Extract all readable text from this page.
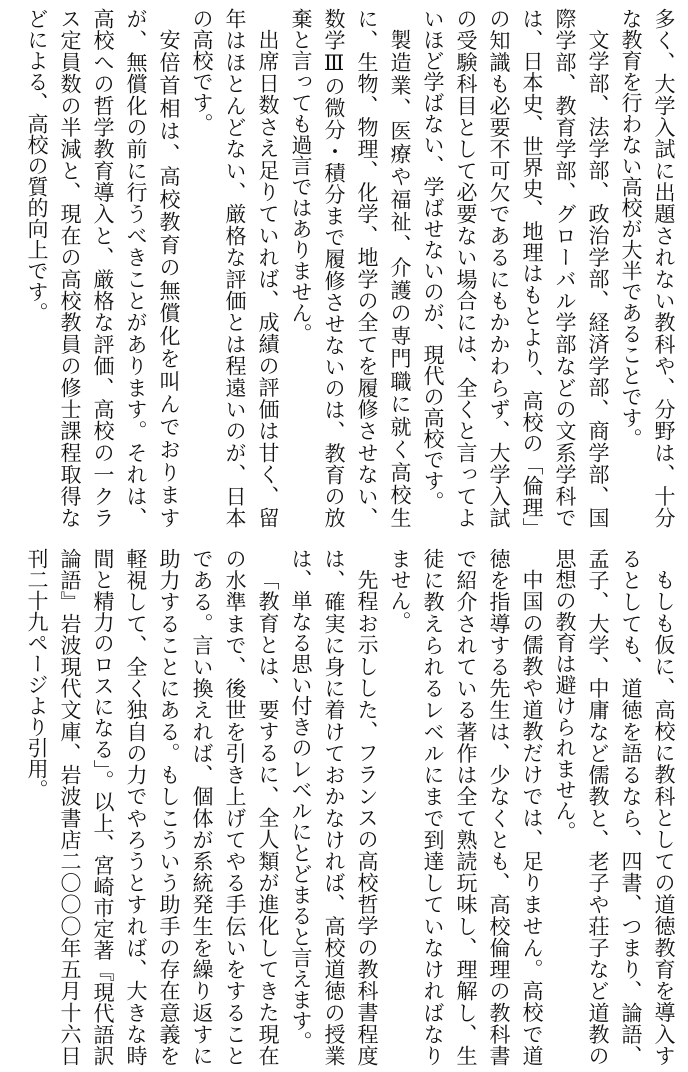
多く、大学入試に出題されない教科や、分野は、十分な教育を行わない高校が大半であることです。

文学部、法学部、政治学部、経済学部、商学部、国際学部、教育学部、グローバル学部などの文系学科では、日本史、世界史、地理はもとより、高校の「倫理」の知識も必要不可欠であるにもかかわらず、大学入試の受験科目として必要ない場合には、全くと言ってよいほど学ばない、学ばせないのが、現代の高校です。

製造業、医療や福祉、介護の専門職に就く高校生に、生物、物理、化学、地学の全てを履修させない、数学Ⅲの微分・積分まで履修させないのは、教育の放棄と言っても過言ではありません。

出席日数さえ足りていれば、成績の評価は甘く、留年はほとんどない、厳格な評価とは程遠いのが、日本の高校です。

安倍首相は、高校教育の無償化を叫んでおりますが、無償化の前に行うべきことがあります。それは、高校への哲学教育導入と、厳格な評価、高校の一クラス定員数の半減と、現在の高校教員の修士課程取得などによる、高校の質的向上です。

もしも仮に、高校に教科としての道徳教育を導入するとしても、道徳を語るなら、四書、つまり、論語、孟子、大学、中庸など儒教と、老子や荘子など道教の思想の教育は避けられません。

中国の儒教や道教だけでは、足りません。高校で道徳を指導する先生は、少なくとも、高校倫理の教科書で紹介されている著作は全て熟読玩味し、理解し、生徒に教えられるレベルにまで到達していなければなりません。

先程お示しした、フランスの高校哲学の教科書程度は、確実に身に着けておかなければ、高校道徳の授業は、単なる思い付きのレベルにとどまると言えます。

「教育とは、要するに、全人類が進化してきた現在の水準まで、後世を引き上げてやる手伝いをすることである。言い換えれば、個体が系統発生を繰り返すに助力することにある。もしこういう助手の存在意義を軽視して、全く独自の力でやろうとすれば、大きな時間と精力のロスになる」。以上、宮崎市定著『現代語訳論語』岩波現代文庫、岩波書店二〇〇〇年五月十六日刊二十九ページより引用。
